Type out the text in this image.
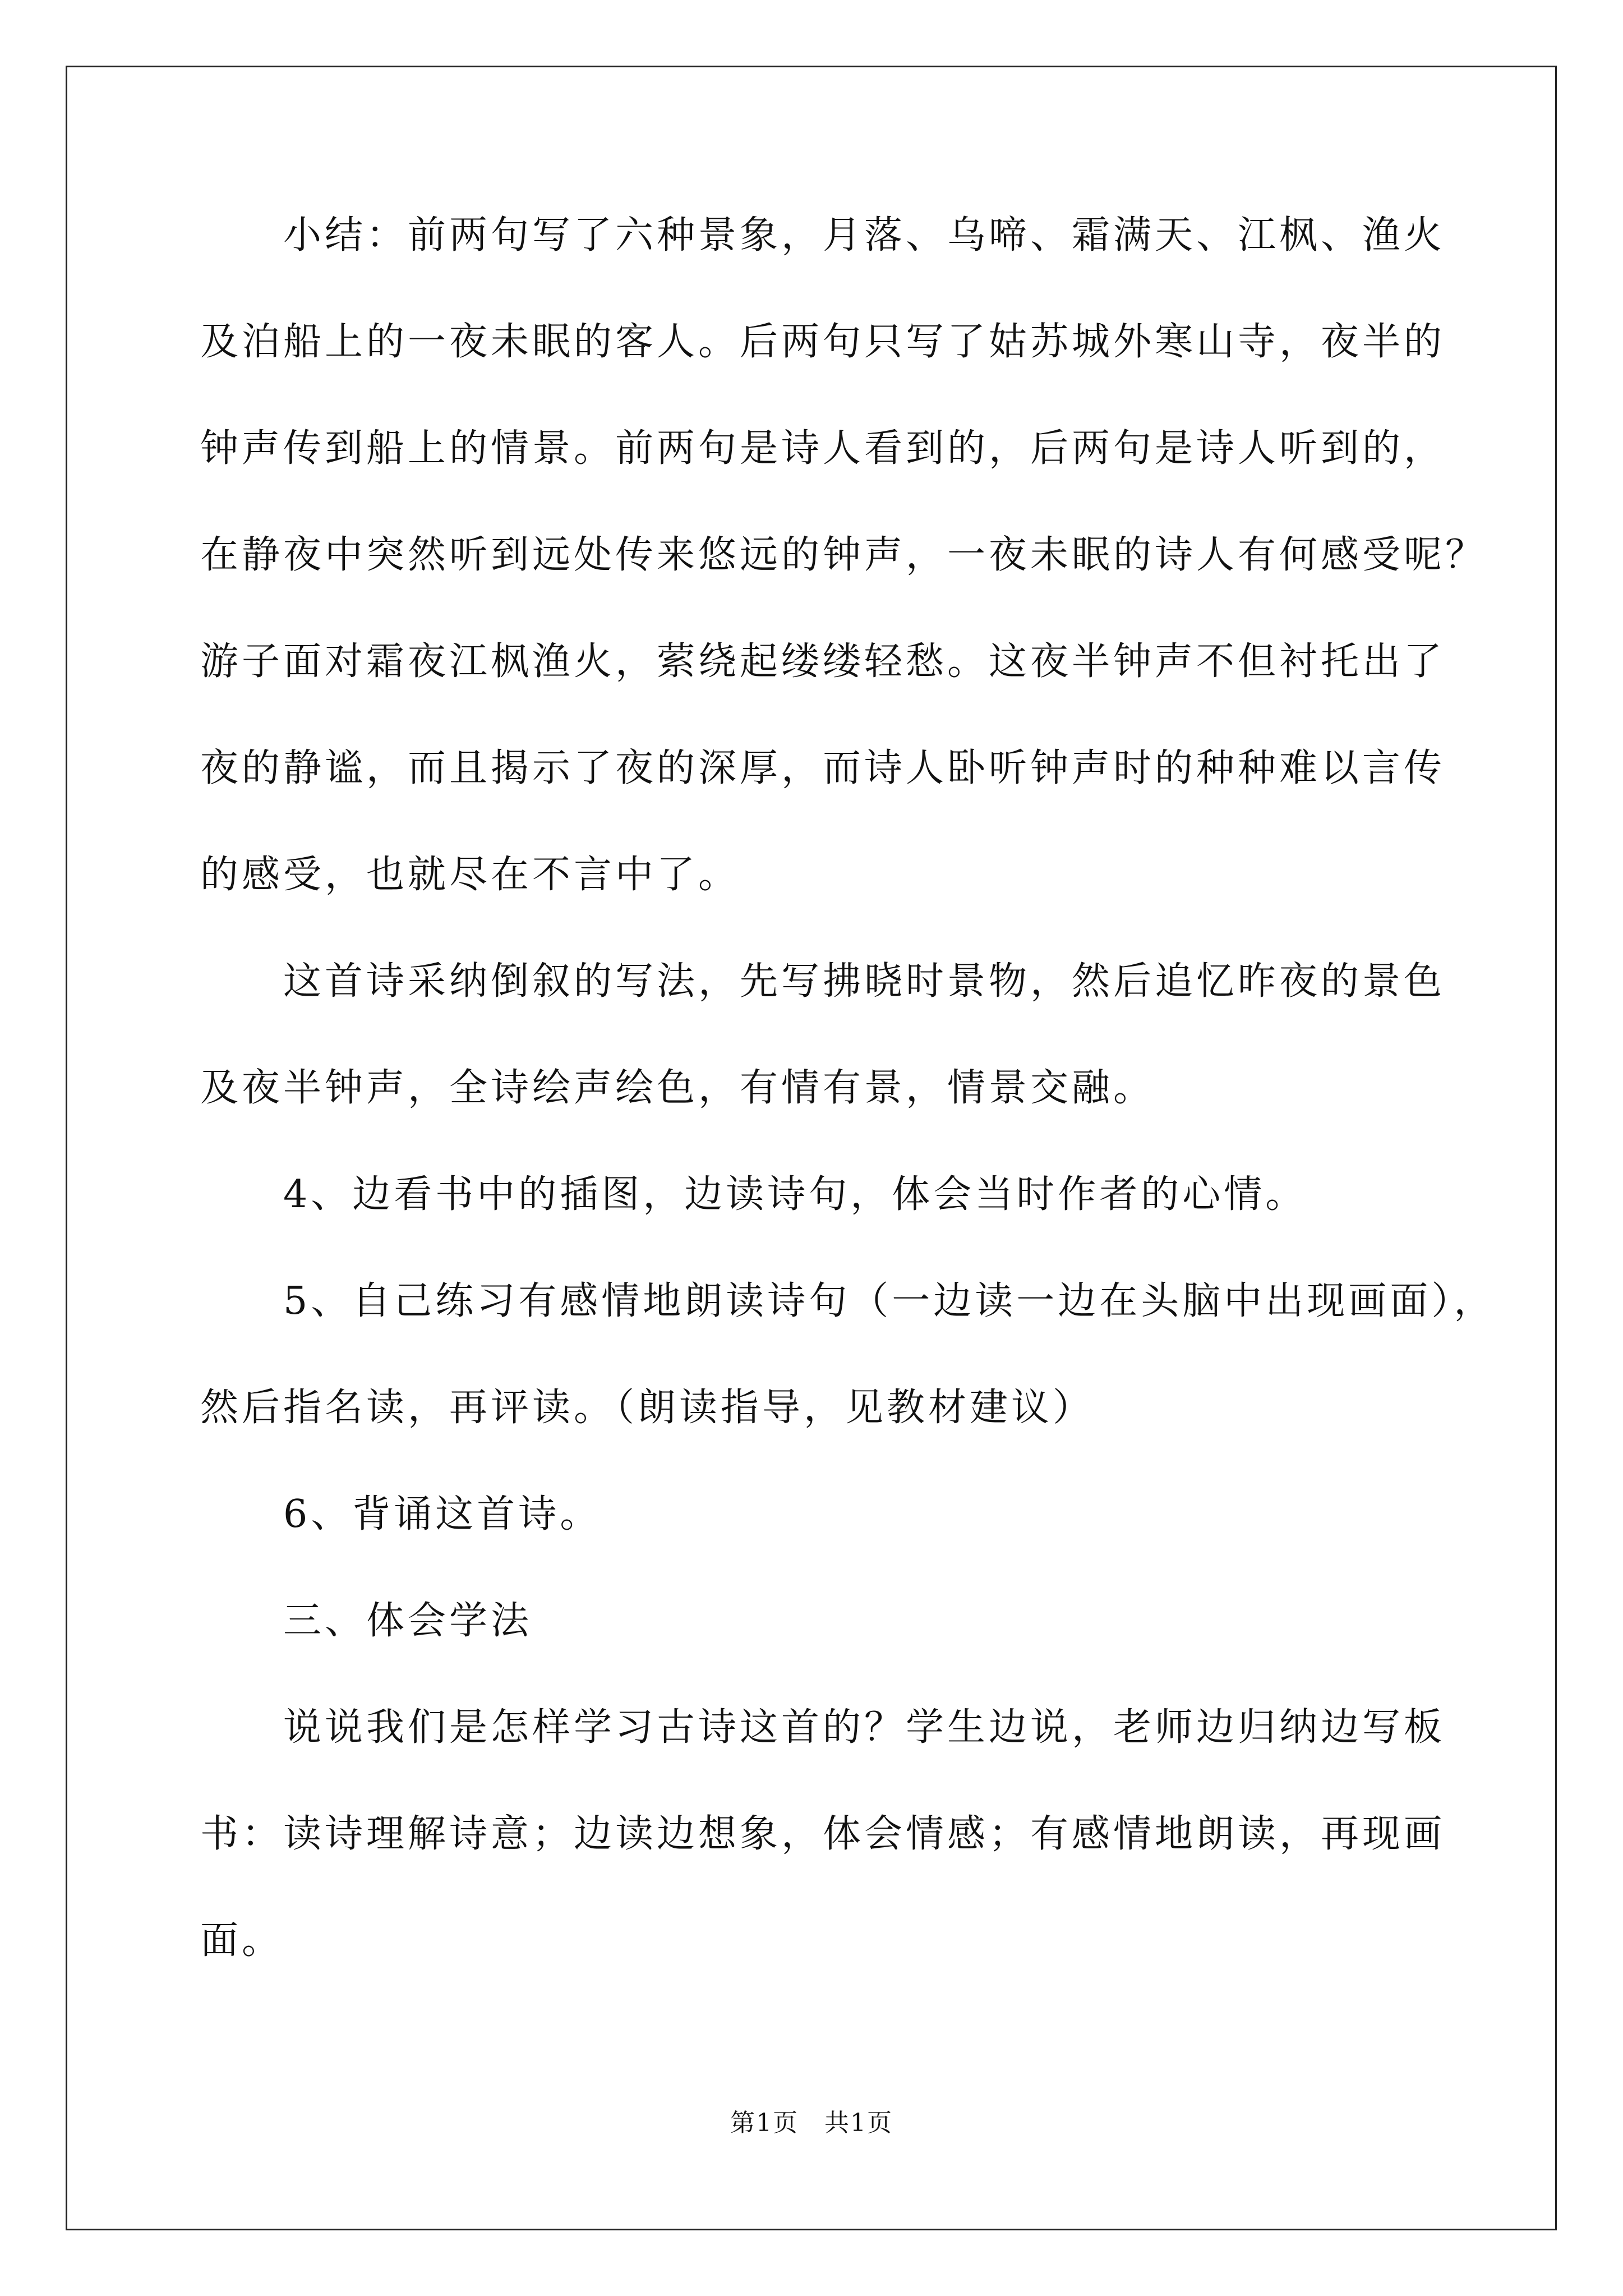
　　小结：前两句写了六种景象，月落、乌啼、霜满天、江枫、渔火
及泊船上的一夜未眠的客人。后两句只写了姑苏城外寒山寺，夜半的
钟声传到船上的情景。前两句是诗人看到的，后两句是诗人听到的，
在静夜中突然听到远处传来悠远的钟声，一夜未眠的诗人有何感受呢？
游子面对霜夜江枫渔火，萦绕起缕缕轻愁。这夜半钟声不但衬托出了
夜的静谧，而且揭示了夜的深厚，而诗人卧听钟声时的种种难以言传
的感受，也就尽在不言中了。
　　这首诗采纳倒叙的写法，先写拂晓时景物，然后追忆昨夜的景色
及夜半钟声，全诗绘声绘色，有情有景，情景交融。
　　4、边看书中的插图，边读诗句，体会当时作者的心情。
　　5、自己练习有感情地朗读诗句（一边读一边在头脑中出现画面），
然后指名读，再评读。（朗读指导，见教材建议）
　　6、背诵这首诗。
　　三、体会学法
　　说说我们是怎样学习古诗这首的？学生边说，老师边归纳边写板
书：读诗理解诗意；边读边想象，体会情感；有感情地朗读，再现画
面。
第1页　共1页
